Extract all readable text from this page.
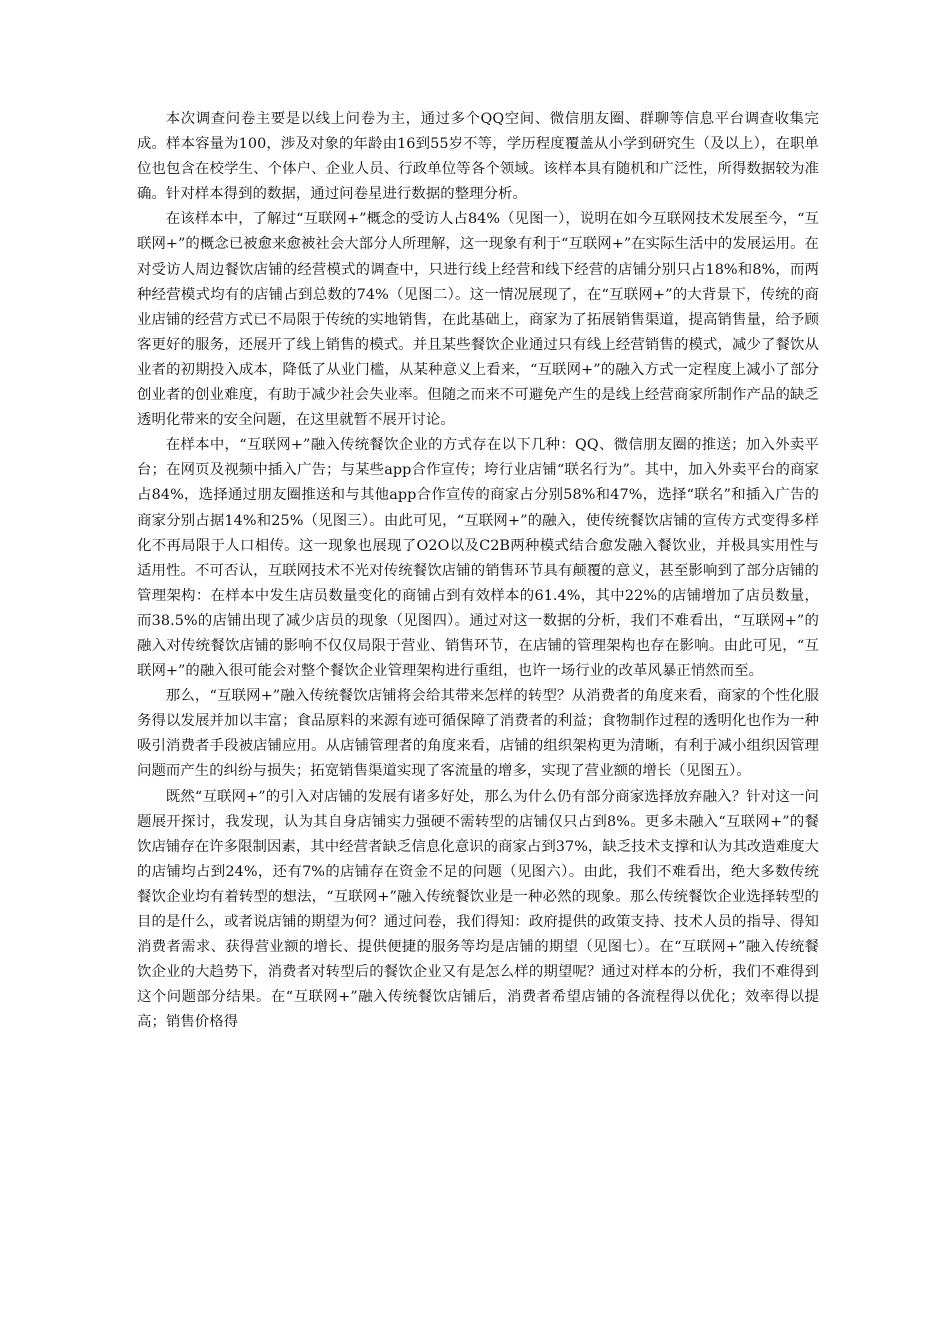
本次调查问卷主要是以线上问卷为主，通过多个QQ空间、微信朋友圈、群聊等信息平台调查收集完成。样本容量为100，涉及对象的年龄由16到55岁不等，学历程度覆盖从小学到研究生（及以上），在职单位也包含在校学生、个体户、企业人员、行政单位等各个领域。该样本具有随机和广泛性，所得数据较为准确。针对样本得到的数据，通过问卷星进行数据的整理分析。

在该样本中，了解过“互联网+”概念的受访人占84%（见图一），说明在如今互联网技术发展至今，“互联网+”的概念已被愈来愈被社会大部分人所理解，这一现象有利于“互联网+”在实际生活中的发展运用。在对受访人周边餐饮店铺的经营模式的调查中，只进行线上经营和线下经营的店铺分别只占18%和8%，而两种经营模式均有的店铺占到总数的74%（见图二）。这一情况展现了，在“互联网+”的大背景下，传统的商业店铺的经营方式已不局限于传统的实地销售，在此基础上，商家为了拓展销售渠道，提高销售量，给予顾客更好的服务，还展开了线上销售的模式。并且某些餐饮企业通过只有线上经营销售的模式，减少了餐饮从业者的初期投入成本，降低了从业门槛，从某种意义上看来，“互联网+”的融入方式一定程度上减小了部分创业者的创业难度，有助于减少社会失业率。但随之而来不可避免产生的是线上经营商家所制作产品的缺乏透明化带来的安全问题，在这里就暂不展开讨论。

在样本中，“互联网+”融入传统餐饮企业的方式存在以下几种：QQ、微信朋友圈的推送；加入外卖平台；在网页及视频中插入广告；与某些app合作宣传；垮行业店铺“联名行为”。其中，加入外卖平台的商家占84%，选择通过朋友圈推送和与其他app合作宣传的商家占分别58%和47%，选择“联名”和插入广告的商家分别占据14%和25%（见图三）。由此可见，“互联网+”的融入，使传统餐饮店铺的宣传方式变得多样化不再局限于人口相传。这一现象也展现了O2O以及C2B两种模式结合愈发融入餐饮业，并极具实用性与适用性。不可否认，互联网技术不光对传统餐饮店铺的销售环节具有颠覆的意义，甚至影响到了部分店铺的管理架构：在样本中发生店员数量变化的商铺占到有效样本的61.4%，其中22%的店铺增加了店员数量，而38.5%的店铺出现了减少店员的现象（见图四）。通过对这一数据的分析，我们不难看出，“互联网+”的融入对传统餐饮店铺的影响不仅仅局限于营业、销售环节，在店铺的管理架构也存在影响。由此可见，“互联网+”的融入很可能会对整个餐饮企业管理架构进行重组，也许一场行业的改革风暴正悄然而至。

那么，“互联网+”融入传统餐饮店铺将会给其带来怎样的转型？从消费者的角度来看，商家的个性化服务得以发展并加以丰富；食品原料的来源有迹可循保障了消费者的利益；食物制作过程的透明化也作为一种吸引消费者手段被店铺应用。从店铺管理者的角度来看，店铺的组织架构更为清晰，有利于减小组织因管理问题而产生的纠纷与损失；拓宽销售渠道实现了客流量的增多，实现了营业额的增长（见图五）。

既然“互联网+”的引入对店铺的发展有诸多好处，那么为什么仍有部分商家选择放弃融入？针对这一问题展开探讨，我发现，认为其自身店铺实力强硬不需转型的店铺仅只占到8%。更多未融入“互联网+”的餐饮店铺存在许多限制因素，其中经营者缺乏信息化意识的商家占到37%，缺乏技术支撑和认为其改造难度大的店铺均占到24%，还有7%的店铺存在资金不足的问题（见图六）。由此，我们不难看出，绝大多数传统餐饮企业均有着转型的想法，“互联网+”融入传统餐饮业是一种必然的现象。那么传统餐饮企业选择转型的目的是什么，或者说店铺的期望为何？通过问卷，我们得知：政府提供的政策支持、技术人员的指导、得知消费者需求、获得营业额的增长、提供便捷的服务等均是店铺的期望（见图七）。在“互联网+”融入传统餐饮企业的大趋势下，消费者对转型后的餐饮企业又有是怎么样的期望呢？通过对样本的分析，我们不难得到这个问题部分结果。在“互联网+”融入传统餐饮店铺后，消费者希望店铺的各流程得以优化；效率得以提高；销售价格得
